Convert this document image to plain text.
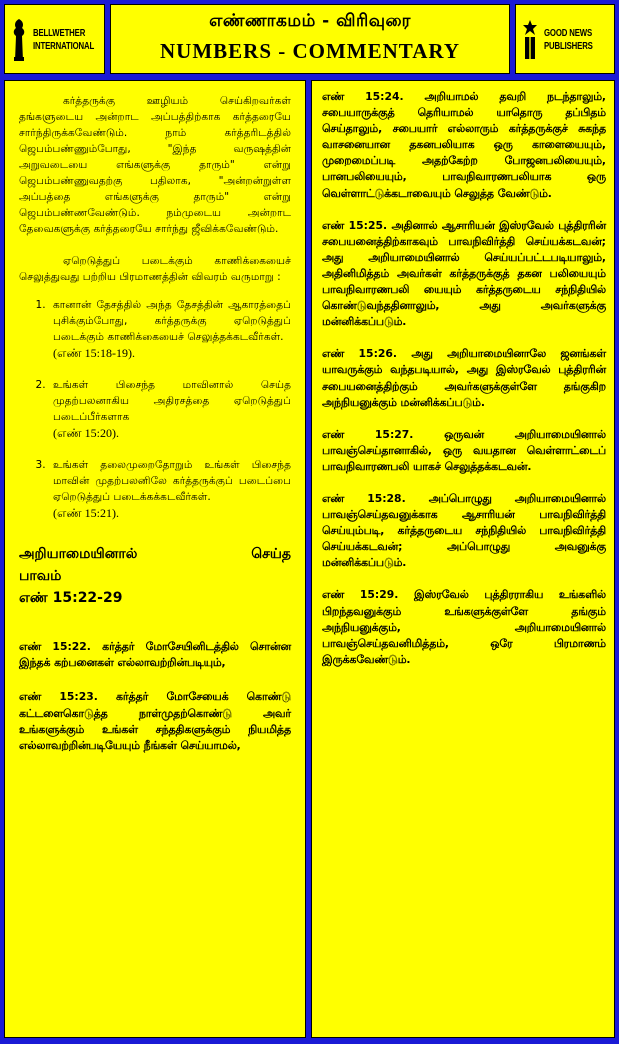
BELLWETHER
INTERNATIONAL
எண்ணாகமம் - விரிவுரை
NUMBERS - COMMENTARY
GOOD NEWS
PUBLISHERS

கர்த்தருக்கு ஊழியம் செய்கிறவர்கள் தங்களுடைய அன்றாட அப்பத்திற்காக கர்த்தரையே சார்ந்திருக்கவேண்டும். நாம் கர்த்தரிடத்தில் ஜெபம்பண்ணும்போது, "இந்த வருஷத்தின் அறுவடையை எங்களுக்கு தாரும்" என்று ஜெபம்பண்ணுவதற்கு பதிலாக, "அன்றன்றுள்ள அப்பத்தை எங்களுக்கு தாரும்" என்று ஜெபம்பண்ணவேண்டும். நம்முடைய அன்றாட தேவைகளுக்கு கர்த்தரையே சார்ந்து ஜீவிக்கவேண்டும்.

ஏறெடுத்துப் படைக்கும் காணிக்கையைச் செலுத்துவது பற்றிய பிரமாணத்தின் விவரம் வருமாறு :

1. கானான் தேசத்தில் அந்த தேசத்தின் ஆகாரத்தைப் புசிக்கும்போது, கர்த்தருக்கு ஏறெடுத்துப் படைக்கும் காணிக்கையைச் செலுத்தக்கடவீர்கள்.
(எண் 15:18-19).
2. உங்கள் பிசைந்த மாவினால் செய்த முதற்பலனாகிய அதிரசத்தை ஏறெடுத்துப் படைப்பீர்களாக
(எண் 15:20).
3. உங்கள் தலைமுறைதோறும் உங்கள் பிசைந்த மாவின் முதற்பலனிலே கர்த்தருக்குப் படைப்பை ஏறெடுத்துப் படைக்கக்கடவீர்கள்.
(எண் 15:21).
அறியாமையினால்	செய்த
பாவம்
எண் 15:22-29

எண் 15:22. கர்த்தர் மோசேயினிடத்தில் சொன்ன இந்தக் கற்பனைகள் எல்லாவற்றின்படியும்,

எண் 15:23. கர்த்தர் மோசேயைக் கொண்டு கட்டளைகொடுத்த நாள்முதற்கொண்டு அவர் உங்களுக்கும் உங்கள் சந்ததிகளுக்கும் நியமித்த எல்லாவற்றின்படியேயும் நீங்கள் செய்யாமல்,

எண் 15:24. அறியாமல் தவறி நடந்தாலும், சபையாருக்குத் தெரியாமல் யாதொரு தப்பிதம் செய்தாலும், சபையார் எல்லாரும் கர்த்தருக்குச் சுகந்த வாசனையான தகனபலியாக ஒரு காளையையும், முறைமைப்படி அதற்கேற்ற போஜனபலியையும், பானபலியையும், பாவநிவாரணபலியாக ஒரு வெள்ளாட்டுக்கடாவையும் செலுத்த வேண்டும்.

எண் 15:25. அதினால் ஆசாரியன் இஸ்ரவேல் புத்திரரின் சபையனைத்திற்காகவும் பாவநிவிர்த்தி செய்யக்கடவன்; அது அறியாமையினால் செய்யப்பட்டபடியாலும், அதினிமித்தம் அவர்கள் கர்த்தருக்குத் தகன பலியையும் பாவநிவாரணபலி யையும் கர்த்தருடைய சந்நிதியில் கொண்டுவந்ததினாலும், அது அவர்களுக்கு மன்னிக்கப்படும்.

எண் 15:26. அது அறியாமையினாலே ஜனங்கள் யாவருக்கும் வந்தபடியால், அது இஸ்ரவேல் புத்திரரின் சபையனைத்திற்கும் அவர்களுக்குள்ளே தங்குகிற அந்நியனுக்கும் மன்னிக்கப்படும்.

எண் 15:27. ஒருவன் அறியாமையினால் பாவஞ்செய்தானாகில், ஒரு வயதான வெள்ளாட்டைப் பாவநிவாரணபலி யாகச் செலுத்தக்கடவன்.

எண் 15:28. அப்பொழுது அறியாமையினால் பாவஞ்செய்தவனுக்காக ஆசாரியன் பாவநிவிர்த்தி செய்யும்படி, கர்த்தருடைய சந்நிதியில் பாவநிவிர்த்தி செய்யக்கடவன்; அப்பொழுது அவனுக்கு மன்னிக்கப்படும்.

எண் 15:29. இஸ்ரவேல் புத்திரராகிய உங்களில் பிறந்தவனுக்கும் உங்களுக்குள்ளே தங்கும் அந்நியனுக்கும், அறியாமையினால் பாவஞ்செய்தவனிமித்தம், ஒரே பிரமாணம் இருக்கவேண்டும்.
